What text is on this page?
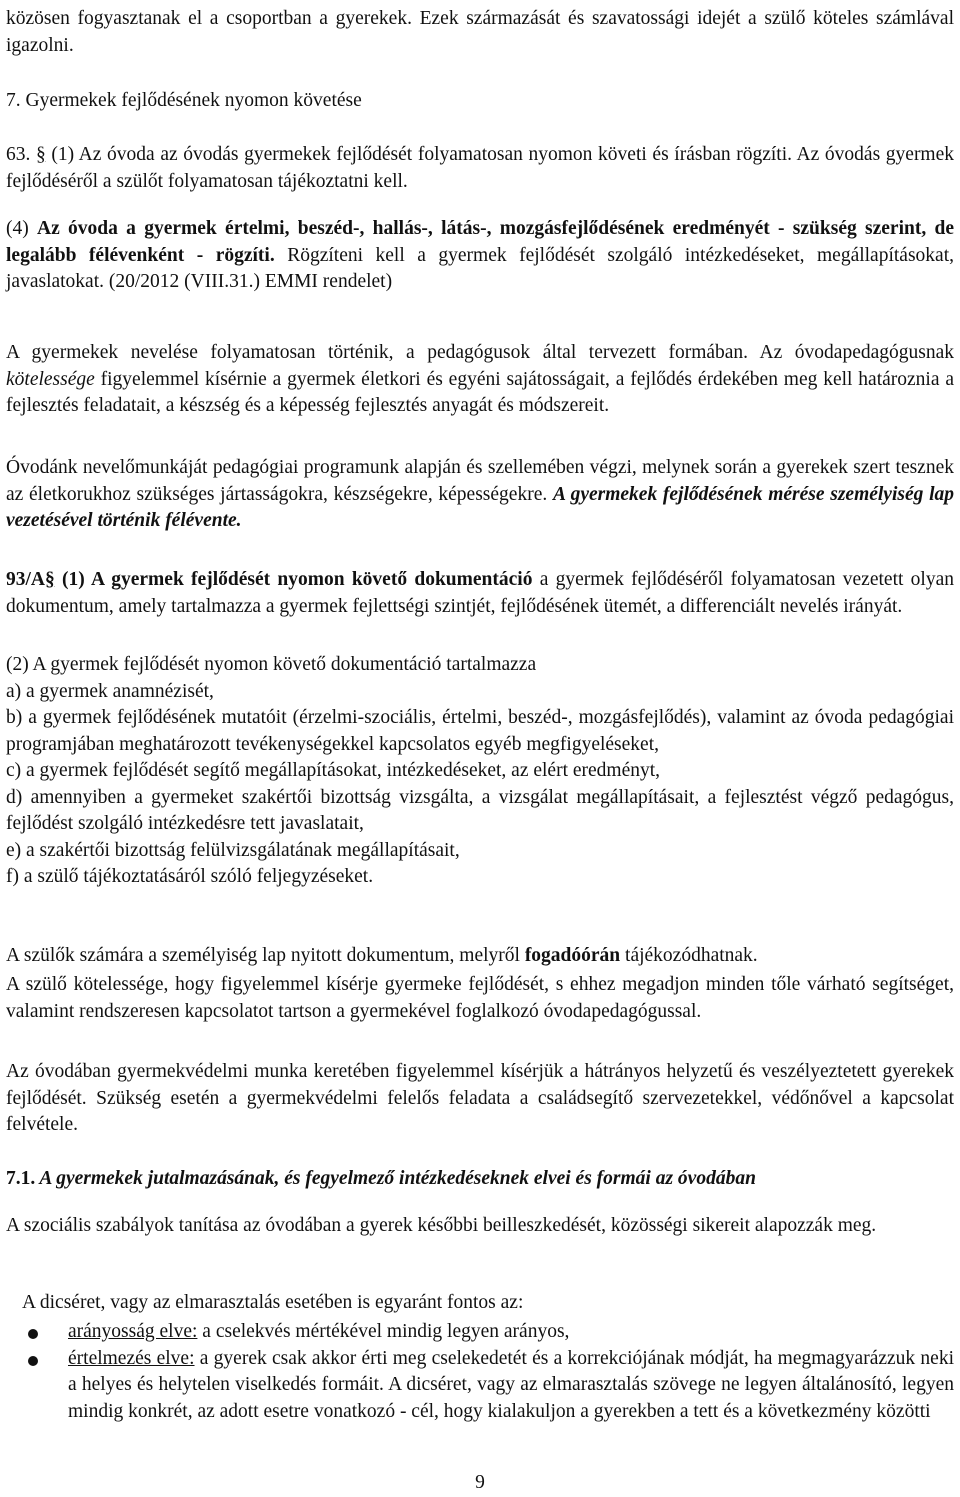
közösen fogyasztanak el a csoportban a gyerekek. Ezek származását és szavatossági idejét a szülő köteles számlával igazolni.

7. Gyermekek fejlődésének nyomon követése

63. § (1) Az óvoda az óvodás gyermekek fejlődését folyamatosan nyomon követi és írásban rögzíti. Az óvodás gyermek fejlődéséről a szülőt folyamatosan tájékoztatni kell.

(4) Az óvoda a gyermek értelmi, beszéd-, hallás-, látás-, mozgásfejlődésének eredményét - szükség szerint, de legalább félévenként - rögzíti. Rögzíteni kell a gyermek fejlődését szolgáló intézkedéseket, megállapításokat, javaslatokat. (20/2012 (VIII.31.) EMMI rendelet)

A gyermekek nevelése folyamatosan történik, a pedagógusok által tervezett formában. Az óvodapedagógusnak kötelessége figyelemmel kísérnie a gyermek életkori és egyéni sajátosságait, a fejlődés érdekében meg kell határoznia a fejlesztés feladatait, a készség és a képesség fejlesztés anyagát és módszereit.

Óvodánk nevelőmunkáját pedagógiai programunk alapján és szellemében végzi, melynek során a gyerekek szert tesznek az életkorukhoz szükséges jártasságokra, készségekre, képességekre. A gyermekek fejlődésének mérése személyiség lap vezetésével történik félévente.

93/A§ (1) A gyermek fejlődését nyomon követő dokumentáció a gyermek fejlődéséről folyamatosan vezetett olyan dokumentum, amely tartalmazza a gyermek fejlettségi szintjét, fejlődésének ütemét, a differenciált nevelés irányát.

(2) A gyermek fejlődését nyomon követő dokumentáció tartalmazza
a) a gyermek anamnézisét,
b) a gyermek fejlődésének mutatóit (érzelmi-szociális, értelmi, beszéd-, mozgásfejlődés), valamint az óvoda pedagógiai programjában meghatározott tevékenységekkel kapcsolatos egyéb megfigyeléseket,
c) a gyermek fejlődését segítő megállapításokat, intézkedéseket, az elért eredményt,
d) amennyiben a gyermeket szakértői bizottság vizsgálta, a vizsgálat megállapításait, a fejlesztést végző pedagógus, fejlődést szolgáló intézkedésre tett javaslatait,
e) a szakértői bizottság felülvizsgálatának megállapításait,
f) a szülő tájékoztatásáról szóló feljegyzéseket.

A szülők számára a személyiség lap nyitott dokumentum, melyről fogadóórán tájékozódhatnak.

A szülő kötelessége, hogy figyelemmel kísérje gyermeke fejlődését, s ehhez megadjon minden tőle várható segítséget, valamint rendszeresen kapcsolatot tartson a gyermekével foglalkozó óvodapedagógussal.

Az óvodában gyermekvédelmi munka keretében figyelemmel kísérjük a hátrányos helyzetű és veszélyeztetett gyerekek fejlődését. Szükség esetén a gyermekvédelmi felelős feladata a családsegítő szervezetekkel, védőnővel a kapcsolat felvétele.

7.1. A gyermekek jutalmazásának, és fegyelmező intézkedéseknek elvei és formái az óvodában

A szociális szabályok tanítása az óvodában a gyerek későbbi beilleszkedését, közösségi sikereit alapozzák meg.

A dicséret, vagy az elmarasztalás esetében is egyaránt fontos az:

arányosság elve: a cselekvés mértékével mindig legyen arányos,
értelmezés elve: a gyerek csak akkor érti meg cselekedetét és a korrekciójának módját, ha megmagyarázzuk neki a helyes és helytelen viselkedés formáit. A dicséret, vagy az elmarasztalás szövege ne legyen általánosító, legyen mindig konkrét, az adott esetre vonatkozó - cél, hogy kialakuljon a gyerekben a tett és a következmény közötti
9
